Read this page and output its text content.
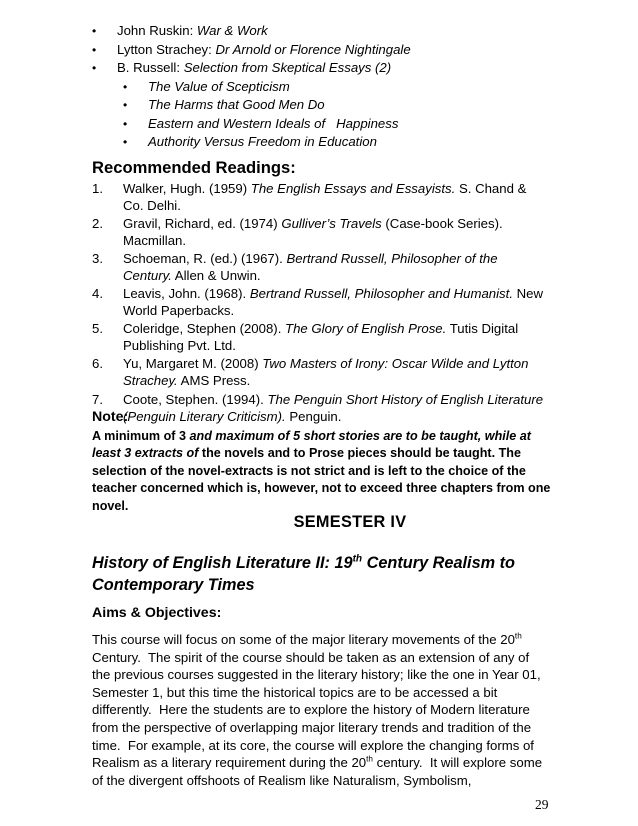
• John Ruskin: War & Work
• Lytton Strachey: Dr Arnold or Florence Nightingale
• B. Russell: Selection from Skeptical Essays (2)
• The Value of Scepticism
• The Harms that Good Men Do
• Eastern and Western Ideals of   Happiness
• Authority Versus Freedom in Education
Recommended Readings:
1. Walker, Hugh. (1959) The English Essays and Essayists. S. Chand &
Co. Delhi.
2. Gravil, Richard, ed. (1974) Gulliver’s Travels (Case-book Series).
Macmillan.
3. Schoeman, R. (ed.) (1967). Bertrand Russell, Philosopher of the
Century. Allen & Unwin.
4. Leavis, John. (1968). Bertrand Russell, Philosopher and Humanist. New
World Paperbacks.
5. Coleridge, Stephen (2008). The Glory of English Prose. Tutis Digital
Publishing Pvt. Ltd.
6. Yu, Margaret M. (2008) Two Masters of Irony: Oscar Wilde and Lytton
Strachey. AMS Press.
7. Coote, Stephen. (1994). The Penguin Short History of English Literature
(Penguin Literary Criticism). Penguin.
Note:
A minimum of 3 and maximum of 5 short stories are to be taught, while at
least 3 extracts of the novels and to Prose pieces should be taught. The
selection of the novel-extracts is not strict and is left to the choice of the
teacher concerned which is, however, not to exceed three chapters from one
novel.
SEMESTER IV
History of English Literature II: 19th Century Realism to
Contemporary Times
Aims & Objectives:
This course will focus on some of the major literary movements of the 20th
Century.  The spirit of the course should be taken as an extension of any of
the previous courses suggested in the literary history; like the one in Year 01,
Semester 1, but this time the historical topics are to be accessed a bit
differently.  Here the students are to explore the history of Modern literature
from the perspective of overlapping major literary trends and tradition of the
time.  For example, at its core, the course will explore the changing forms of
Realism as a literary requirement during the 20th century.  It will explore some
of the divergent offshoots of Realism like Naturalism, Symbolism,
29
